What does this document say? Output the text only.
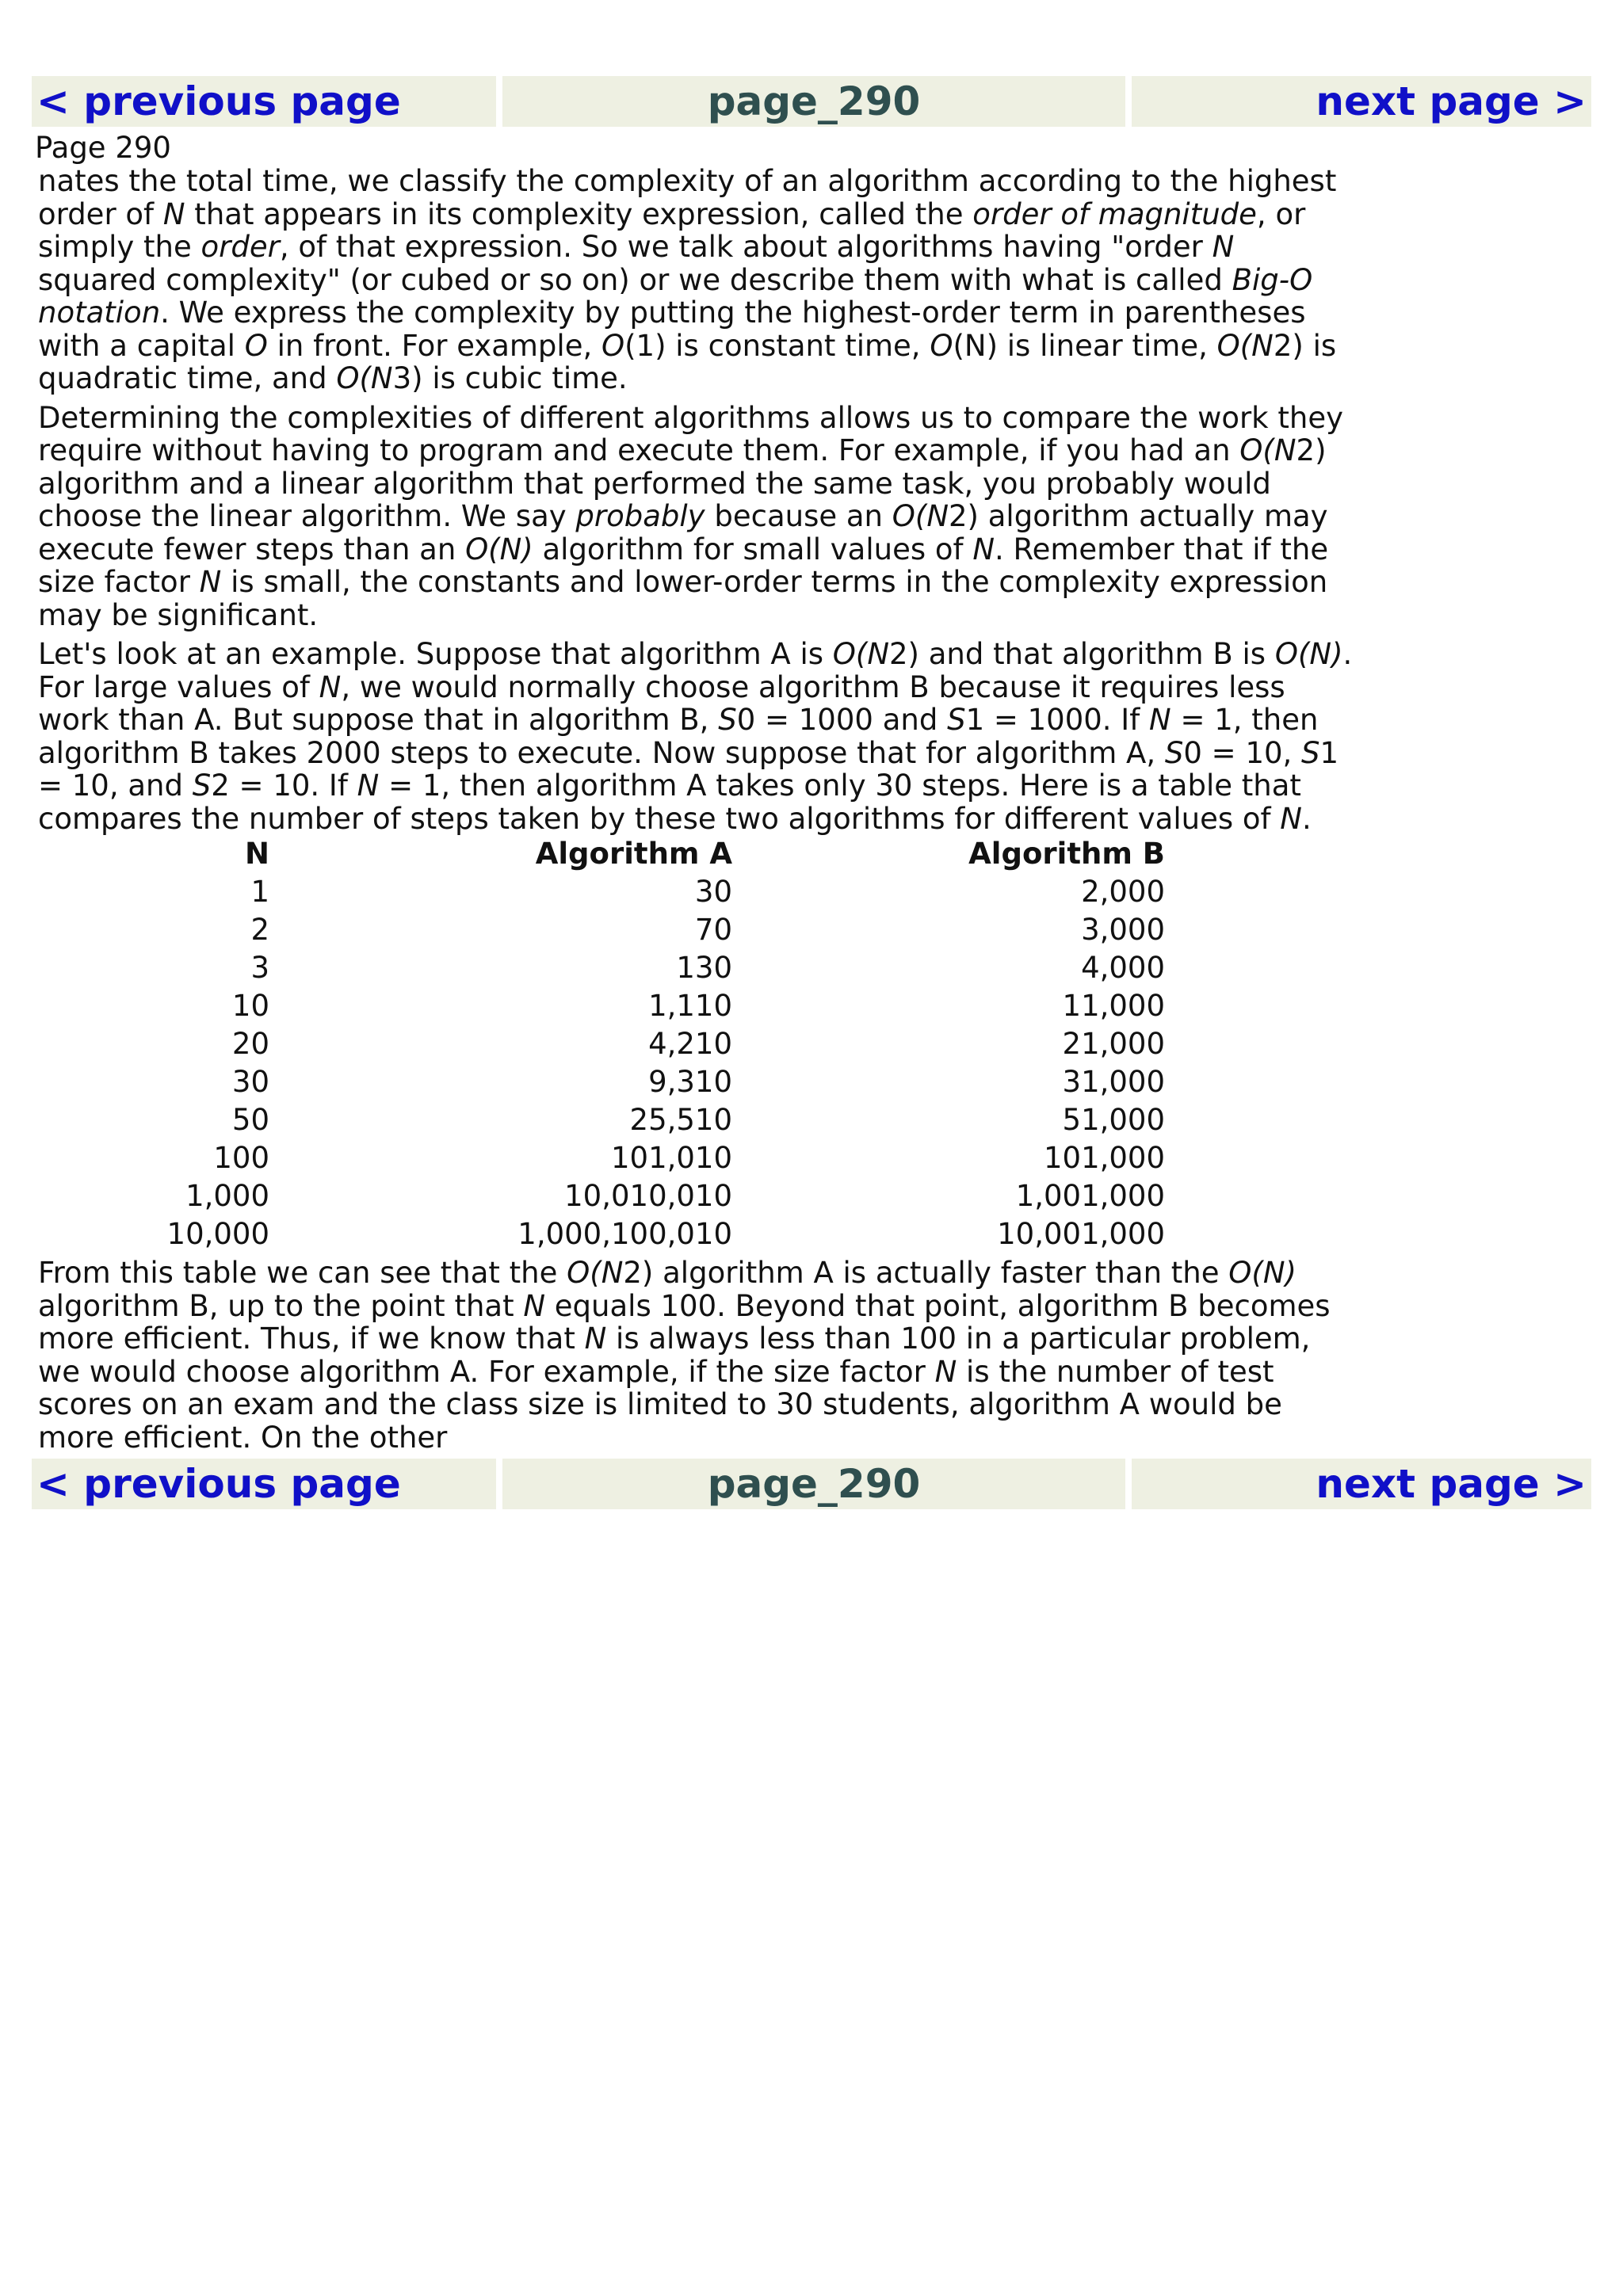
< previous page	page_290	next page >
Page 290

nates the total time, we classify the complexity of an algorithm according to the highest order of N that appears in its complexity expression, called the order of magnitude, or simply the order, of that expression. So we talk about algorithms having "order N squared complexity" (or cubed or so on) or we describe them with what is called Big-O notation. We express the complexity by putting the highest-order term in parentheses with a capital O in front. For example, O(1) is constant time, O(N) is linear time, O(N2) is quadratic time, and O(N3) is cubic time.

Determining the complexities of different algorithms allows us to compare the work they require without having to program and execute them. For example, if you had an O(N2) algorithm and a linear algorithm that performed the same task, you probably would choose the linear algorithm. We say probably because an O(N2) algorithm actually may execute fewer steps than an O(N) algorithm for small values of N. Remember that if the size factor N is small, the constants and lower-order terms in the complexity expression may be significant.

Let's look at an example. Suppose that algorithm A is O(N2) and that algorithm B is O(N). For large values of N, we would normally choose algorithm B because it requires less work than A. But suppose that in algorithm B, S0 = 1000 and S1 = 1000. If N = 1, then algorithm B takes 2000 steps to execute. Now suppose that for algorithm A, S0 = 10, S1 = 10, and S2 = 10. If N = 1, then algorithm A takes only 30 steps. Here is a table that compares the number of steps taken by these two algorithms for different values of N.

N	Algorithm A	Algorithm B
1	30	2,000
2	70	3,000
3	130	4,000
10	1,110	11,000
20	4,210	21,000
30	9,310	31,000
50	25,510	51,000
100	101,010	101,000
1,000	10,010,010	1,001,000
10,000	1,000,100,010	10,001,000

From this table we can see that the O(N2) algorithm A is actually faster than the O(N) algorithm B, up to the point that N equals 100. Beyond that point, algorithm B becomes more efficient. Thus, if we know that N is always less than 100 in a particular problem, we would choose algorithm A. For example, if the size factor N is the number of test scores on an exam and the class size is limited to 30 students, algorithm A would be more efficient. On the other

< previous page	page_290	next page >
